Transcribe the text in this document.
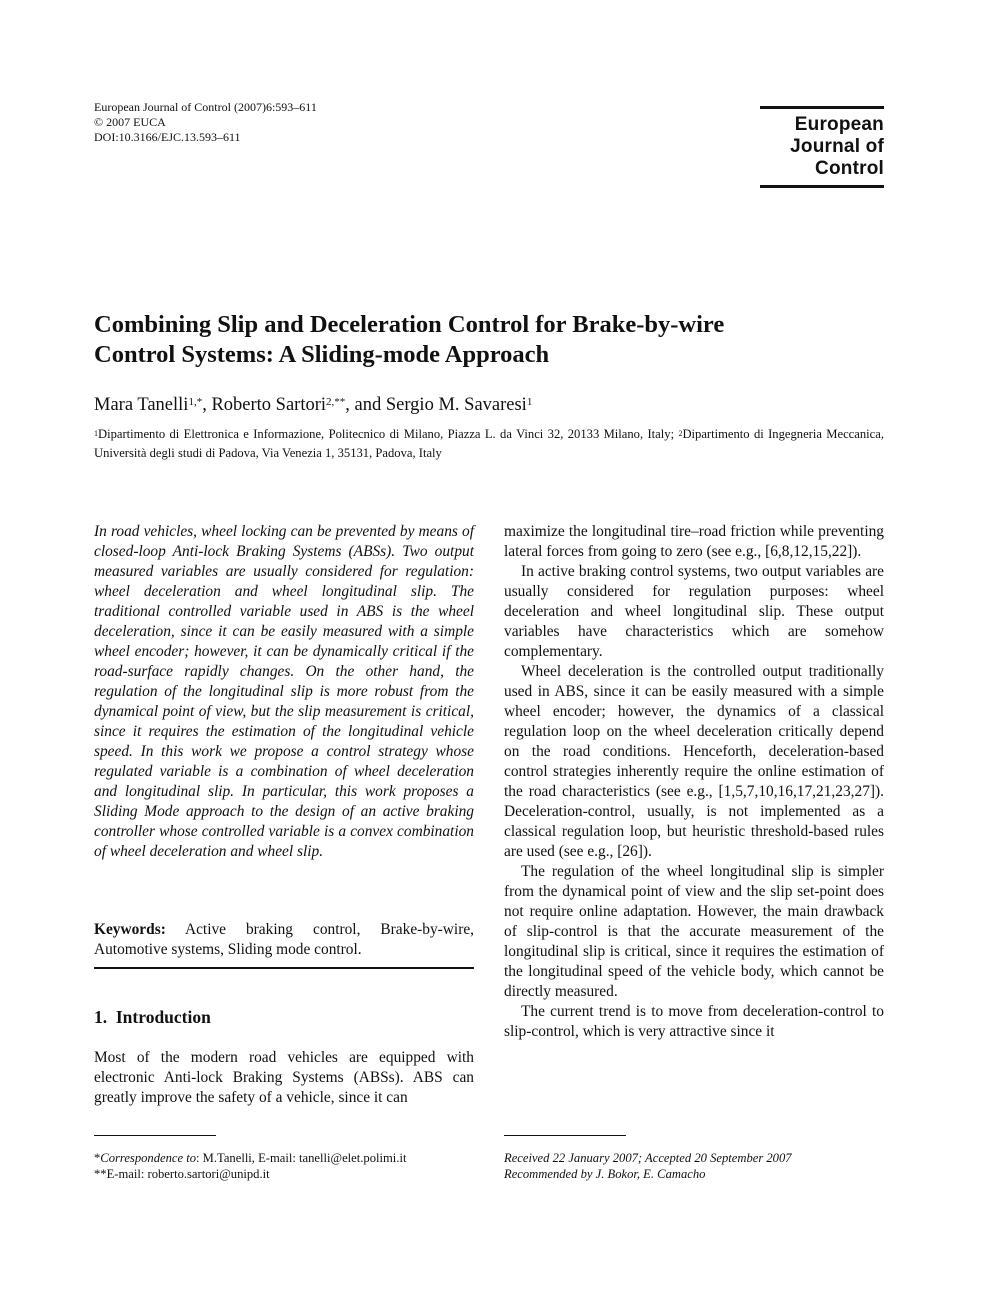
European Journal of Control (2007)6:593–611
© 2007 EUCA
DOI:10.3166/EJC.13.593–611
European
Journal of
Control
Combining Slip and Deceleration Control for Brake-by-wire
Control Systems: A Sliding-mode Approach
Mara Tanelli$^{1,*}$, Roberto Sartori$^{2,**}$, and Sergio M. Savaresi$^1$
$^1$Dipartimento di Elettronica e Informazione, Politecnico di Milano, Piazza L. da Vinci 32, 20133 Milano, Italy; $^2$Dipartimento di Ingegneria Meccanica, Università degli studi di Padova, Via Venezia 1, 35131, Padova, Italy
In road vehicles, wheel locking can be prevented by means of closed-loop Anti-lock Braking Systems (ABSs). Two output measured variables are usually considered for regulation: wheel deceleration and wheel longitudinal slip. The traditional controlled variable used in ABS is the wheel deceleration, since it can be easily measured with a simple wheel encoder; however, it can be dynamically critical if the road-surface rapidly changes. On the other hand, the regulation of the longitudinal slip is more robust from the dynamical point of view, but the slip measurement is critical, since it requires the estimation of the longitudinal vehicle speed. In this work we propose a control strategy whose regulated variable is a combination of wheel deceleration and longitudinal slip. In particular, this work proposes a Sliding Mode approach to the design of an active braking controller whose controlled variable is a convex combination of wheel deceleration and wheel slip.
Keywords: Active braking control, Brake-by-wire, Automotive systems, Sliding mode control.
1. Introduction
Most of the modern road vehicles are equipped with electronic Anti-lock Braking Systems (ABSs). ABS can greatly improve the safety of a vehicle, since it can

maximize the longitudinal tire–road friction while preventing lateral forces from going to zero (see e.g., [6,8,12,15,22]).

In active braking control systems, two output variables are usually considered for regulation purposes: wheel deceleration and wheel longitudinal slip. These output variables have characteristics which are somehow complementary.

Wheel deceleration is the controlled output traditionally used in ABS, since it can be easily measured with a simple wheel encoder; however, the dynamics of a classical regulation loop on the wheel deceleration critically depend on the road conditions. Henceforth, deceleration-based control strategies inherently require the online estimation of the road characteristics (see e.g., [1,5,7,10,16,17,21,23,27]). Deceleration-control, usually, is not implemented as a classical regulation loop, but heuristic threshold-based rules are used (see e.g., [26]).

The regulation of the wheel longitudinal slip is simpler from the dynamical point of view and the slip set-point does not require online adaptation. However, the main drawback of slip-control is that the accurate measurement of the longitudinal slip is critical, since it requires the estimation of the longitudinal speed of the vehicle body, which cannot be directly measured.

The current trend is to move from deceleration-control to slip-control, which is very attractive since it

*Correspondence to: M.Tanelli, E-mail: tanelli@elet.polimi.it
**E-mail: roberto.sartori@unipd.it
Received 22 January 2007; Accepted 20 September 2007
Recommended by J. Bokor, E. Camacho
